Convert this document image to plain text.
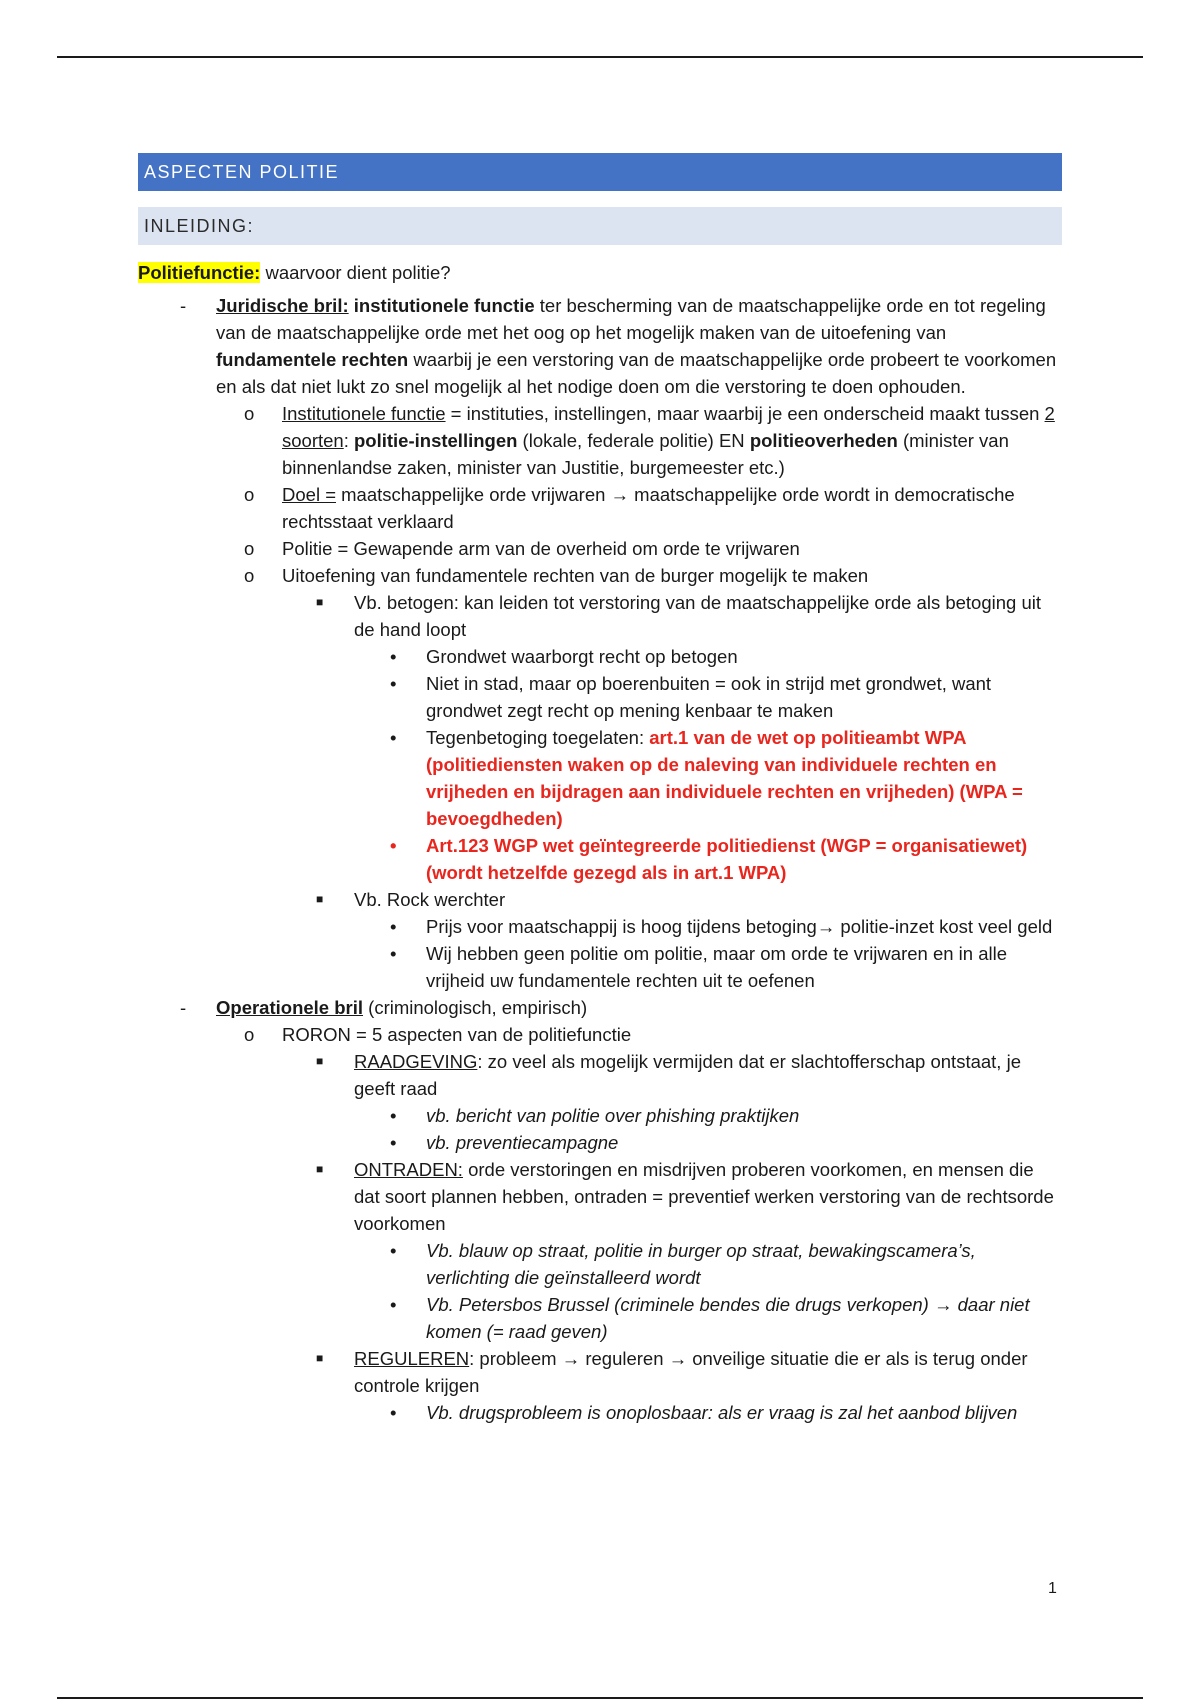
ASPECTEN POLITIE
INLEIDING:
Politiefunctie: waarvoor dient politie?
- Juridische bril: institutionele functie ter bescherming van de maatschappelijke orde en tot regeling van de maatschappelijke orde met het oog op het mogelijk maken van de uitoefening van fundamentele rechten waarbij je een verstoring van de maatschappelijke orde probeert te voorkomen en als dat niet lukt zo snel mogelijk al het nodige doen om die verstoring te doen ophouden.
o Institutionele functie = instituties, instellingen, maar waarbij je een onderscheid maakt tussen 2 soorten: politie-instellingen (lokale, federale politie) EN politieoverheden (minister van binnenlandse zaken, minister van Justitie, burgemeester etc.)
o Doel = maatschappelijke orde vrijwaren → maatschappelijke orde wordt in democratische rechtsstaat verklaard
o Politie = Gewapende arm van de overheid om orde te vrijwaren
o Uitoefening van fundamentele rechten van de burger mogelijk te maken
■ Vb. betogen: kan leiden tot verstoring van de maatschappelijke orde als betoging uit de hand loopt
• Grondwet waarborgt recht op betogen
• Niet in stad, maar op boerenbuiten = ook in strijd met grondwet, want grondwet zegt recht op mening kenbaar te maken
• Tegenbetoging toegelaten: art.1 van de wet op politieambt WPA (politiediensten waken op de naleving van individuele rechten en vrijheden en bijdragen aan individuele rechten en vrijheden) (WPA = bevoegdheden)
• Art.123 WGP wet geïntegreerde politiedienst (WGP = organisatiewet) (wordt hetzelfde gezegd als in art.1 WPA)
■ Vb. Rock werchter
• Prijs voor maatschappij is hoog tijdens betoging→ politie-inzet kost veel geld
• Wij hebben geen politie om politie, maar om orde te vrijwaren en in alle vrijheid uw fundamentele rechten uit te oefenen
- Operationele bril (criminologisch, empirisch)
o RORON = 5 aspecten van de politiefunctie
■ RAADGEVING: zo veel als mogelijk vermijden dat er slachtofferschap ontstaat, je geeft raad
• vb. bericht van politie over phishing praktijken
• vb. preventiecampagne
■ ONTRADEN: orde verstoringen en misdrijven proberen voorkomen, en mensen die dat soort plannen hebben, ontraden = preventief werken verstoring van de rechtsorde voorkomen
• Vb. blauw op straat, politie in burger op straat, bewakingscamera’s, verlichting die geïnstalleerd wordt
• Vb. Petersbos Brussel (criminele bendes die drugs verkopen) → daar niet komen (= raad geven)
■ REGULEREN: probleem → reguleren → onveilige situatie die er als is terug onder controle krijgen
• Vb. drugsprobleem is onoplosbaar: als er vraag is zal het aanbod blijven
1
